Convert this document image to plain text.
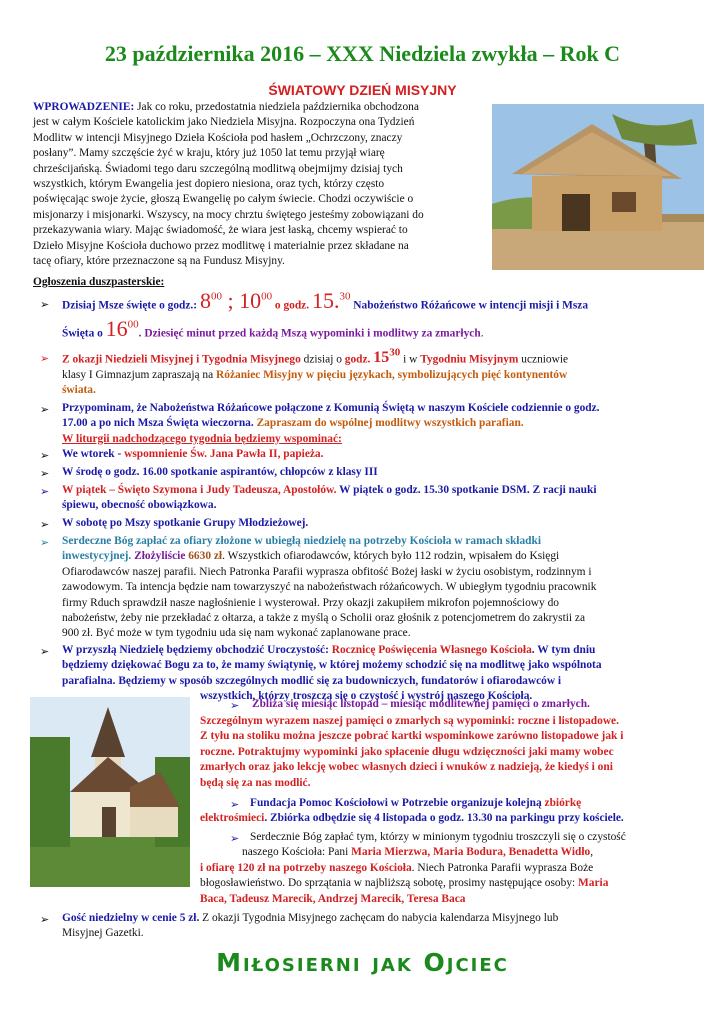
23 października 2016 – XXX Niedziela zwykła – Rok C
ŚWIATOWY DZIEŃ MISYJNY
WPROWADZENIE: Jak co roku, przedostatnia niedziela października obchodzona
jest w całym Kościele katolickim jako Niedziela Misyjna. Rozpoczyna ona Tydzień
Modlitw w intencji Misyjnego Dzieła Kościoła pod hasłem „Ochrzczony, znaczy
posłany”. Mamy szczęście żyć w kraju, który już 1050 lat temu przyjął wiarę
chrześcijańską. Świadomi tego daru szczególną modlitwą obejmijmy dzisiaj tych
wszystkich, którym Ewangelia jest dopiero niesiona, oraz tych, którzy często
poświęcając swoje życie, głoszą Ewangelię po całym świecie. Chodzi oczywiście o
misjonarzy i misjonarki. Wszyscy, na mocy chrztu świętego jesteśmy zobowiązani do
przekazywania wiary. Mając świadomość, że wiara jest łaską, chcemy wspierać to
Dzieło Misyjne Kościoła duchowo przez modlitwę i materialnie przez składane na
tacę ofiary, które przeznaczone są na Fundusz Misyjny.
Ogłoszenia duszpasterskie:
➢ Dzisiaj Msze święte o godz.: $8^{00}$ ; $10^{00}$ o godz. 15.30 Nabożeństwo Różańcowe w intencji misji i Msza
Święta o $16^{00}$. Dziesięć minut przed każdą Mszą wypominki i modlitwy za zmarłych.
➢ Z okazji Niedzieli Misyjnej i Tygodnia Misyjnego dzisiaj o godz. $15^{30}$ i w Tygodniu Misyjnym uczniowie
klasy I Gimnazjum zapraszają na Różaniec Misyjny w pięciu językach, symbolizujących pięć kontynentów
świata.
➢ Przypominam, że Nabożeństwa Różańcowe połączone z Komunią Świętą w naszym Kościele codziennie o godz.
17.00 a po nich Msza Święta wieczorna. Zapraszam do wspólnej modlitwy wszystkich parafian.
W liturgii nadchodzącego tygodnia będziemy wspominać:
➢ We wtorek - wspomnienie Św. Jana Pawła II, papieża.
➢ W środę o godz. 16.00 spotkanie aspirantów, chłopców z klasy III
➢ W piątek – Święto Szymona i Judy Tadeusza, Apostołów. W piątek o godz. 15.30 spotkanie DSM. Z racji nauki
śpiewu, obecność obowiązkowa.
➢ W sobotę po Mszy spotkanie Grupy Młodzieżowej.
➢ Serdeczne Bóg zapłać za ofiary złożone w ubiegłą niedzielę na potrzeby Kościoła w ramach składki
inwestycyjnej. Złożyliście 6630 zł. Wszystkich ofiarodawców, których było 112 rodzin, wpisałem do Księgi
Ofiarodawców naszej parafii. Niech Patronka Parafii wyprasza obfitość Bożej łaski w życiu osobistym, rodzinnym i
zawodowym. Ta intencja będzie nam towarzyszyć na nabożeństwach różańcowych. W ubiegłym tygodniu pracownik
firmy Rduch sprawdził nasze nagłośnienie i wysterował. Przy okazji zakupiłem mikrofon pojemnościowy do
nabożeństw, żeby nie przekładać z ołtarza, a także z myślą o Scholii oraz głośnik z potencjometrem do zakrystii za
900 zł. Być może w tym tygodniu uda się nam wykonać zaplanowane prace.
➢ W przyszłą Niedzielę będziemy obchodzić Uroczystość: Rocznicę Poświęcenia Własnego Kościoła. W tym dniu
będziemy dziękować Bogu za to, że mamy świątynię, w której możemy schodzić się na modlitwę jako wspólnota
parafialna. Będziemy w sposób szczególnych modlić się za budowniczych, fundatorów i ofiarodawców i
wszystkich, którzy troszczą się o czystość i wystrój naszego Kościoła.
➢ Zbliża się miesiąc listopad – miesiąc modlitewnej pamięci o zmarłych.
Szczególnym wyrazem naszej pamięci o zmarłych są wypominki: roczne i listopadowe.
Z tyłu na stoliku można jeszcze pobrać kartki wspominkowe zarówno listopadowe jak i
roczne. Potraktujmy wypominki jako spłacenie długu wdzięczności jaki mamy wobec
zmarłych oraz jako lekcję wobec własnych dzieci i wnuków z nadzieją, że kiedyś i oni
będą się za nas modlić.
➢ Fundacja Pomoc Kościołowi w Potrzebie organizuje kolejną zbiórkę
elektrośmieci. Zbiórka odbędzie się 4 listopada o godz. 13.30 na parkingu przy kościele.
➢ Serdecznie Bóg zapłać tym, którzy w minionym tygodniu troszczyli się o czystość
naszego Kościoła: Pani Maria Mierzwa, Maria Bodura, Benadetta Widło,
i ofiarę 120 zł na potrzeby naszego Kościoła. Niech Patronka Parafii wyprasza Boże
błogosławieństwo. Do sprzątania w najbliższą sobotę, prosimy następujące osoby: Maria
Baca, Tadeusz Marecik, Andrzej Marecik, Teresa Baca
➢ Gość niedzielny w cenie 5 zł. Z okazji Tygodnia Misyjnego zachęcam do nabycia kalendarza Misyjnego lub
Misyjnej Gazetki.
Miłosierni jak Ojciec
